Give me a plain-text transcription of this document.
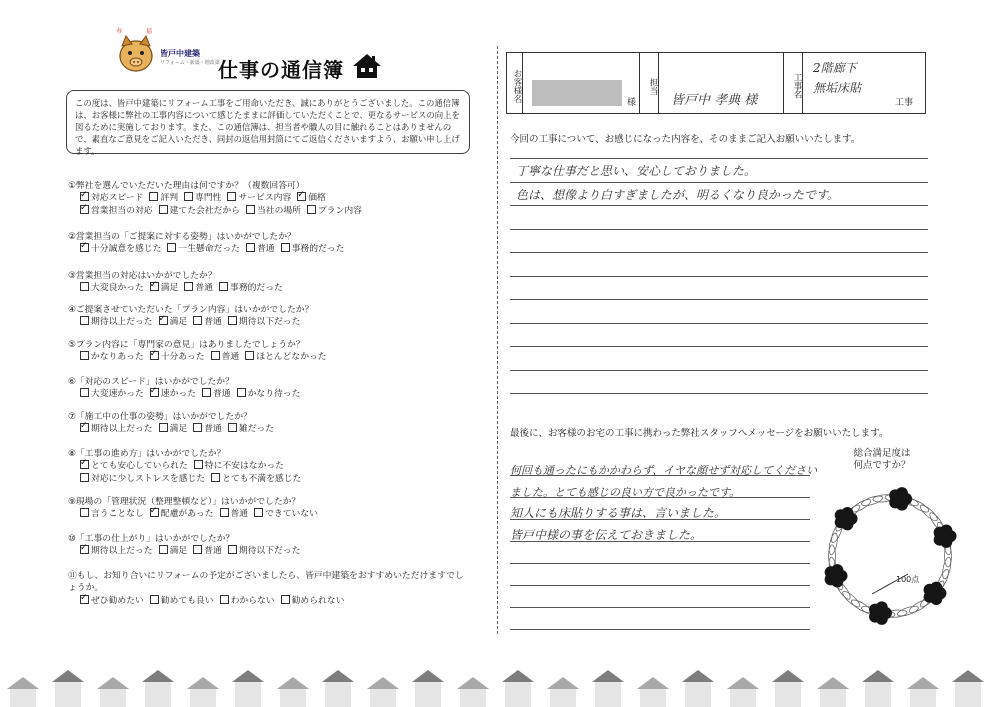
寿	福
皆戸中建築
リフォーム・新築・増改築
仕事の通信簿
この度は、皆戸中建築にリフォーム工事をご用命いただき、誠にありがとうございました。この通信簿は、お客様に弊社の工事内容について感じたままに評価していただくことで、更なるサービスの向上を図るために実施しております。また、この通信簿は、担当者や職人の目に触れることはありませんので、素直なご意見をご記入いただき、同封の返信用封筒にてご返信くださいますよう、お願い申し上げます。
①弊社を選んでいただいた理由は何ですか？（複数回答可）
✓対応スピード 評判 専門性 サービス内容 ✓ 価格
✓営業担当の対応 建てた会社だから 当社の場所 プラン内容
②営業担当の「ご提案に対する姿勢」はいかがでしたか？
✓十分誠意を感じた 一生懸命だった 普通 事務的だった
③営業担当の対応はいかがでしたか？
大変良かった ✓ 満足 普通 事務的だった
④ご提案させていただいた「プラン内容」はいかがでしたか？
期待以上だった ✓ 満足 普通 期待以下だった
⑤プラン内容に「専門家の意見」はありましたでしょうか？
かなりあった ✓ 十分あった 普通 ほとんどなかった
⑥「対応のスピード」はいかがでしたか？
大変速かった ✓ 速かった 普通 かなり待った
⑦「施工中の仕事の姿勢」はいかがでしたか？
✓期待以上だった 満足 普通 雑だった
⑧「工事の進め方」はいかがでしたか？
✓とても安心していられた 特に不安はなかった
対応に少しストレスを感じた とても不満を感じた
⑨現場の「管理状況（整理整頓など）」はいかがでしたか？
言うことなし ✓ 配慮があった 普通 できていない
⑩「工事の仕上がり」はいかがでしたか？
✓期待以上だった 満足 普通 期待以下だった
⑪もし、お知り合いにリフォームの予定がございましたら、皆戸中建築をおすすめいただけますでしょうか。
✓ぜひ勧めたい 勧めても良い わからない 勧められない
お客様名	様
担当
皆戸中 孝典 様
工事名
2階廊下
無垢床貼
工事
今回の工事について、お感じになった内容を、そのままご記入お願いいたします。
丁寧な仕事だと思い、安心しておりました。
色は、想像より白すぎましたが、明るくなり良かったです。
最後に、お客様のお宅の工事に携わった弊社スタッフへメッセージをお願いいたします。
何回も通ったにもかかわらず、イヤな顔せず対応してくださいました。とても感じの良い方で良かったです。
知人にも床貼りする事は、言いました。
皆戸中様の事を伝えておきました。
総合満足度は
何点ですか？
100点
